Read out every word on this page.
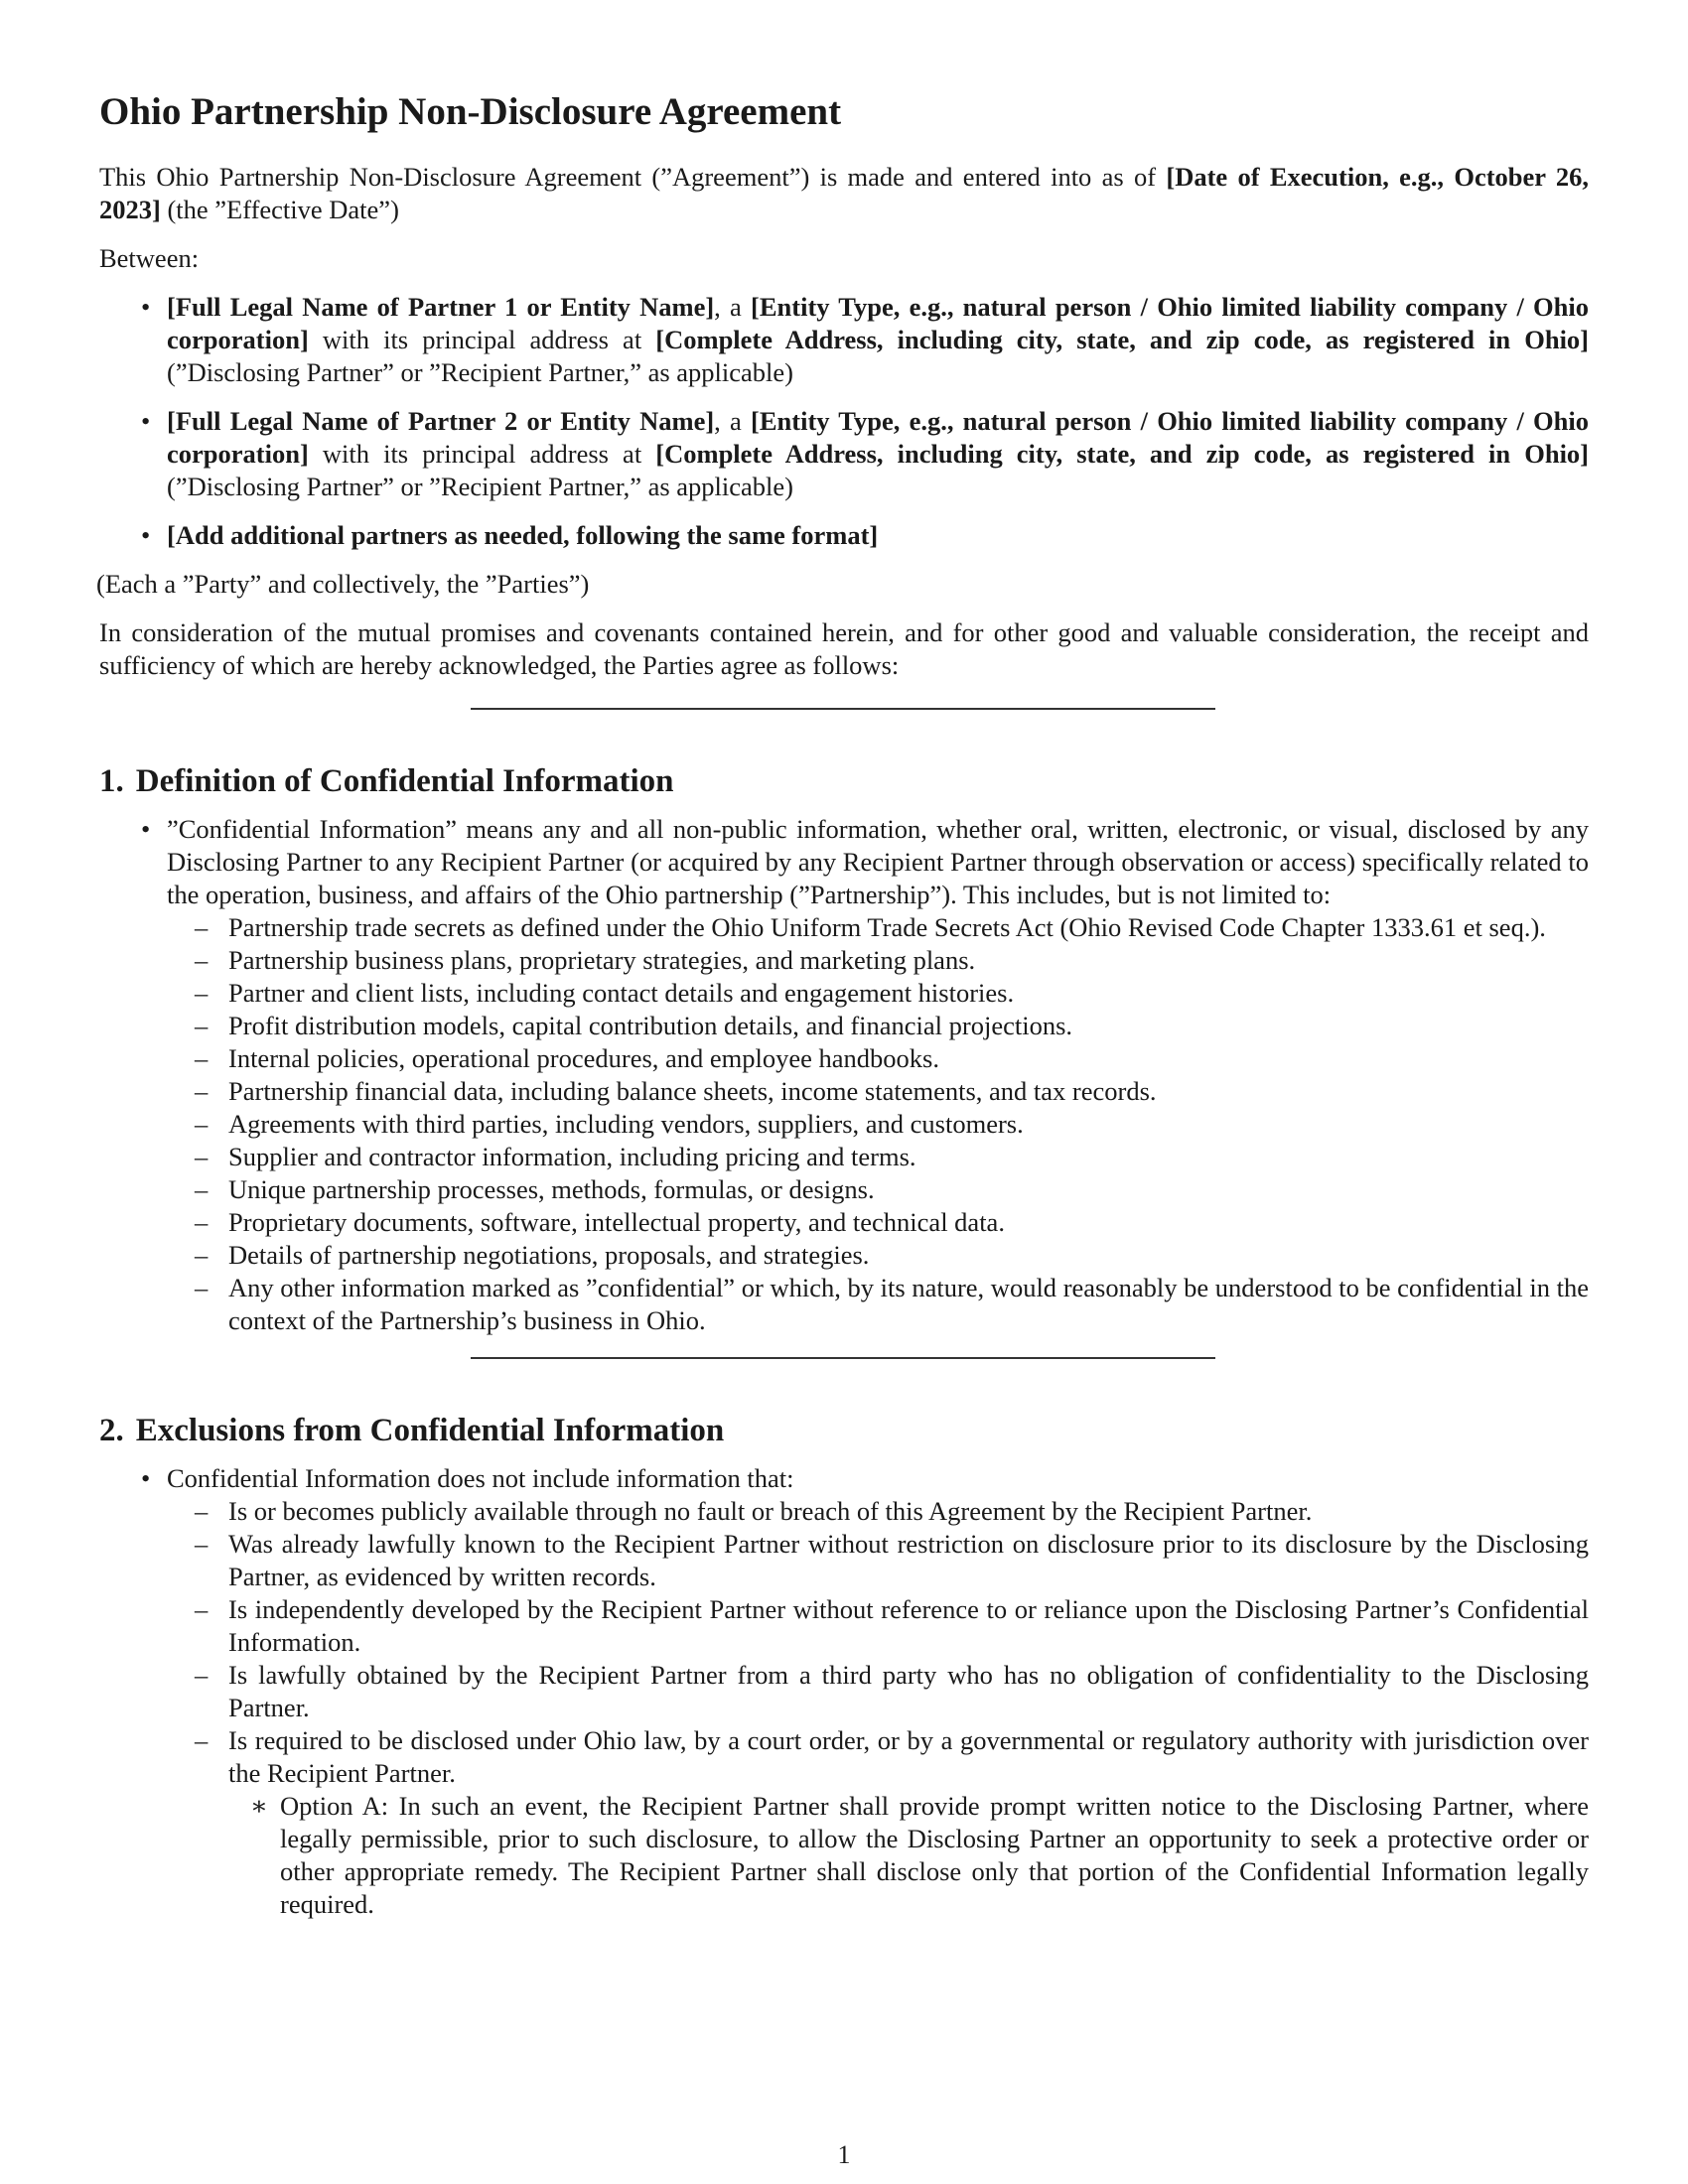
Ohio Partnership Non-Disclosure Agreement

This Ohio Partnership Non-Disclosure Agreement (”Agreement”) is made and entered into as of [Date of Execution, e.g., October 26, 2023] (the ”Effective Date”)

Between:

• [Full Legal Name of Partner 1 or Entity Name], a [Entity Type, e.g., natural person / Ohio limited liability company / Ohio corporation] with its principal address at [Complete Address, including city, state, and zip code, as registered in Ohio] (”Disclosing Partner” or ”Recipient Partner,” as applicable)
• [Full Legal Name of Partner 2 or Entity Name], a [Entity Type, e.g., natural person / Ohio limited liability company / Ohio corporation] with its principal address at [Complete Address, including city, state, and zip code, as registered in Ohio] (”Disclosing Partner” or ”Recipient Partner,” as applicable)
• [Add additional partners as needed, following the same format]

(Each a ”Party” and collectively, the ”Parties”)

In consideration of the mutual promises and covenants contained herein, and for other good and valuable consideration, the receipt and sufficiency of which are hereby acknowledged, the Parties agree as follows:

1. Definition of Confidential Information
• ”Confidential Information” means any and all non-public information, whether oral, written, electronic, or visual, disclosed by any Disclosing Partner to any Recipient Partner (or acquired by any Recipient Partner through observation or access) specifically related to the operation, business, and affairs of the Ohio partnership (”Partnership”). This includes, but is not limited to:
– Partnership trade secrets as defined under the Ohio Uniform Trade Secrets Act (Ohio Revised Code Chapter 1333.61 et seq.).
– Partnership business plans, proprietary strategies, and marketing plans.
– Partner and client lists, including contact details and engagement histories.
– Profit distribution models, capital contribution details, and financial projections.
– Internal policies, operational procedures, and employee handbooks.
– Partnership financial data, including balance sheets, income statements, and tax records.
– Agreements with third parties, including vendors, suppliers, and customers.
– Supplier and contractor information, including pricing and terms.
– Unique partnership processes, methods, formulas, or designs.
– Proprietary documents, software, intellectual property, and technical data.
– Details of partnership negotiations, proposals, and strategies.
– Any other information marked as ”confidential” or which, by its nature, would reasonably be understood to be confidential in the context of the Partnership’s business in Ohio.
2. Exclusions from Confidential Information
• Confidential Information does not include information that:
– Is or becomes publicly available through no fault or breach of this Agreement by the Recipient Partner.
– Was already lawfully known to the Recipient Partner without restriction on disclosure prior to its disclosure by the Disclosing Partner, as evidenced by written records.
– Is independently developed by the Recipient Partner without reference to or reliance upon the Disclosing Partner’s Confidential Information.
– Is lawfully obtained by the Recipient Partner from a third party who has no obligation of confidentiality to the Disclosing Partner.
– Is required to be disclosed under Ohio law, by a court order, or by a governmental or regulatory authority with jurisdiction over the Recipient Partner.
∗ Option A: In such an event, the Recipient Partner shall provide prompt written notice to the Disclosing Partner, where legally permissible, prior to such disclosure, to allow the Disclosing Partner an opportunity to seek a protective order or other appropriate remedy. The Recipient Partner shall disclose only that portion of the Confidential Information legally required.
1
